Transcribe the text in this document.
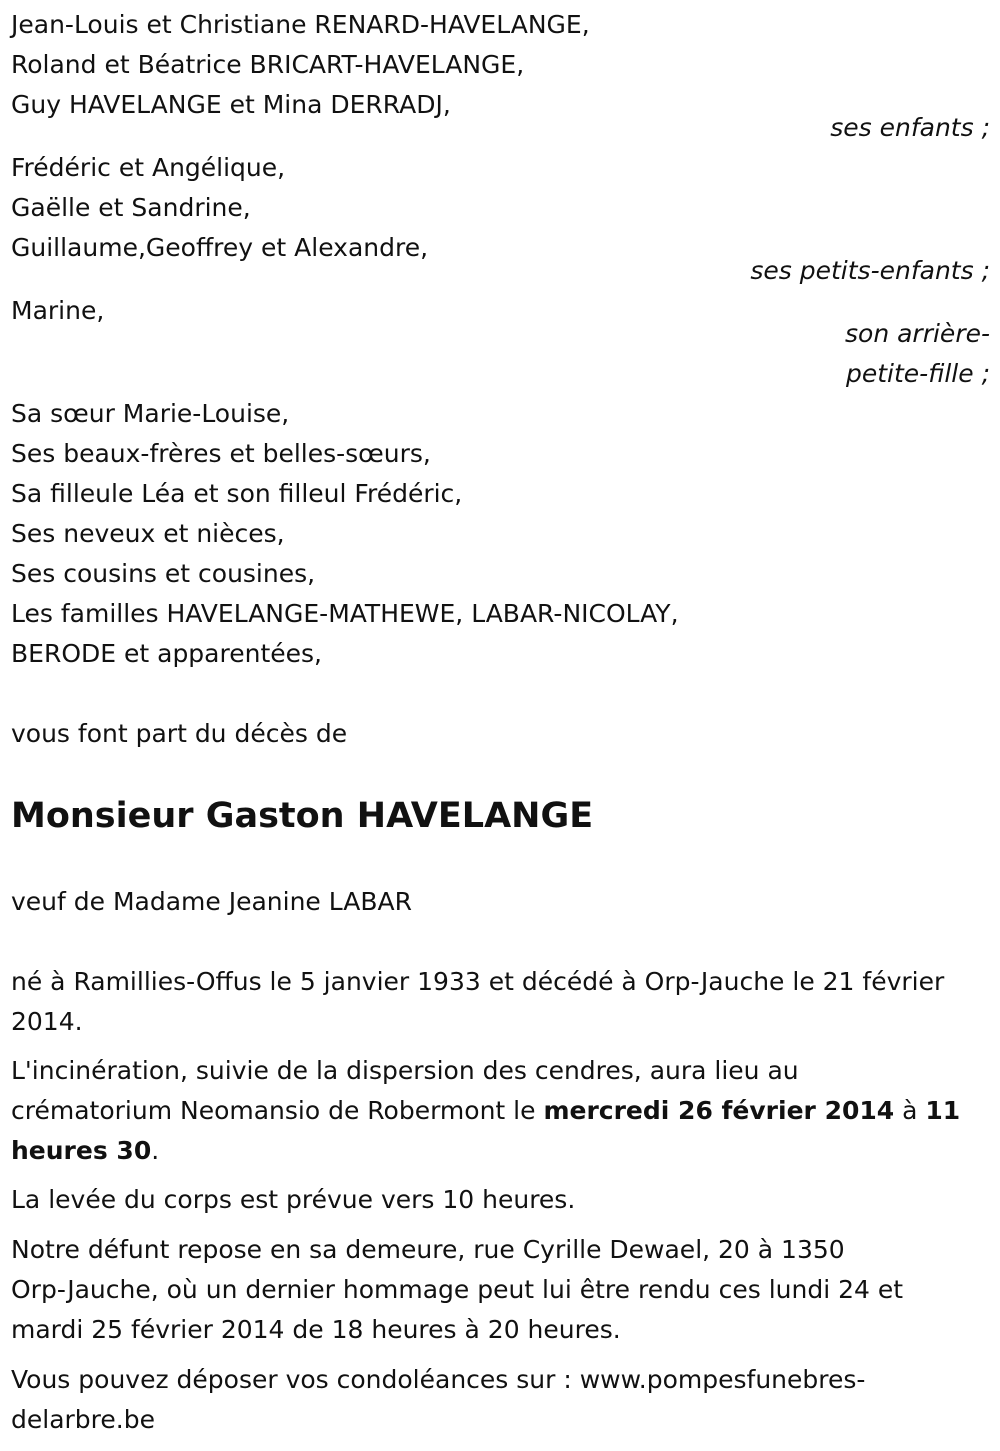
Jean-Louis et Christiane RENARD-HAVELANGE,
Roland et Béatrice BRICART-HAVELANGE,
Guy HAVELANGE et Mina DERRADJ,
ses enfants ;
Frédéric et Angélique,
Gaëlle et Sandrine,
Guillaume,Geoffrey et Alexandre,
ses petits-enfants ;
Marine,
son arrière-
petite-fille ;
Sa sœur Marie-Louise,
Ses beaux-frères et belles-sœurs,
Sa filleule Léa et son filleul Frédéric,
Ses neveux et nièces,
Ses cousins et cousines,
Les familles HAVELANGE-MATHEWE, LABAR-NICOLAY,
BERODE et apparentées,
vous font part du décès de
Monsieur Gaston HAVELANGE
veuf de Madame Jeanine LABAR
né à Ramillies-Offus le 5 janvier 1933 et décédé à Orp-Jauche le 21 février
2014.
L'incinération, suivie de la dispersion des cendres, aura lieu au
crématorium Neomansio de Robermont le mercredi 26 février 2014 à 11
heures 30.
La levée du corps est prévue vers 10 heures.
Notre défunt repose en sa demeure, rue Cyrille Dewael, 20 à 1350
Orp-Jauche, où un dernier hommage peut lui être rendu ces lundi 24 et
mardi 25 février 2014 de 18 heures à 20 heures.
Vous pouvez déposer vos condoléances sur : www.pompesfunebres-
delarbre.be
